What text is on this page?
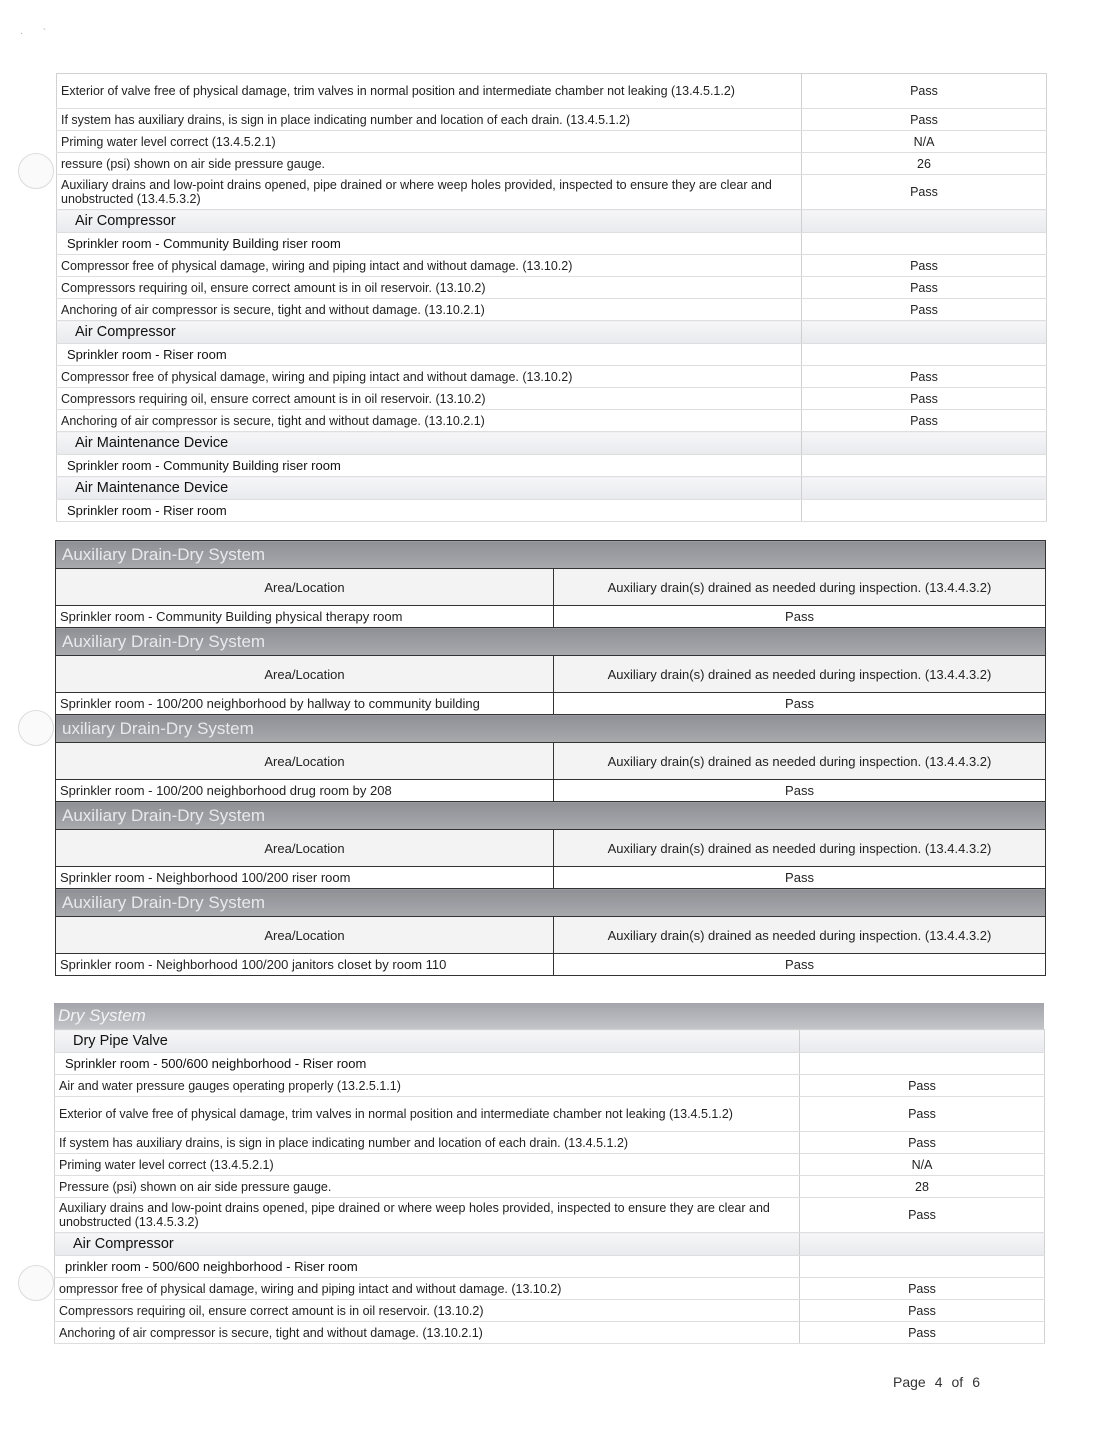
·       `
Exterior of valve free of physical damage, trim valves in normal position and intermediate chamber not leaking (13.4.5.1.2)	Pass
If system has auxiliary drains, is sign in place indicating number and location of each drain. (13.4.5.1.2)	Pass
Priming water level correct (13.4.5.2.1)	N/A
ressure (psi) shown on air side pressure gauge.	26
Auxiliary drains and low-point drains opened, pipe drained or where weep holes provided, inspected to ensure they are clear and unobstructed (13.4.5.3.2)	Pass
Air Compressor	
Sprinkler room - Community Building riser room	
Compressor free of physical damage, wiring and piping intact and without damage. (13.10.2)	Pass
Compressors requiring oil, ensure correct amount is in oil reservoir. (13.10.2)	Pass
Anchoring of air compressor is secure, tight and without damage. (13.10.2.1)	Pass
Air Compressor	
Sprinkler room - Riser room	
Compressor free of physical damage, wiring and piping intact and without damage. (13.10.2)	Pass
Compressors requiring oil, ensure correct amount is in oil reservoir. (13.10.2)	Pass
Anchoring of air compressor is secure, tight and without damage. (13.10.2.1)	Pass
Air Maintenance Device	
Sprinkler room - Community Building riser room	
Air Maintenance Device	
Sprinkler room - Riser room	
Auxiliary Drain-Dry System	
Area/Location	Auxiliary drain(s) drained as needed during inspection. (13.4.4.3.2)
Sprinkler room - Community Building physical therapy room	Pass
Auxiliary Drain-Dry System	
Area/Location	Auxiliary drain(s) drained as needed during inspection. (13.4.4.3.2)
Sprinkler room - 100/200 neighborhood by hallway to community building	Pass
uxiliary Drain-Dry System	
Area/Location	Auxiliary drain(s) drained as needed during inspection. (13.4.4.3.2)
Sprinkler room - 100/200 neighborhood drug room by 208	Pass
Auxiliary Drain-Dry System	
Area/Location	Auxiliary drain(s) drained as needed during inspection. (13.4.4.3.2)
Sprinkler room - Neighborhood 100/200 riser room	Pass
Auxiliary Drain-Dry System	
Area/Location	Auxiliary drain(s) drained as needed during inspection. (13.4.4.3.2)
Sprinkler room - Neighborhood 100/200 janitors closet by room 110	Pass
Dry System
Dry Pipe Valve	
Sprinkler room - 500/600 neighborhood - Riser room	
Air and water pressure gauges operating properly (13.2.5.1.1)	Pass
Exterior of valve free of physical damage, trim valves in normal position and intermediate chamber not leaking (13.4.5.1.2)	Pass
If system has auxiliary drains, is sign in place indicating number and location of each drain. (13.4.5.1.2)	Pass
Priming water level correct (13.4.5.2.1)	N/A
Pressure (psi) shown on air side pressure gauge.	28
Auxiliary drains and low-point drains opened, pipe drained or where weep holes provided, inspected to ensure they are clear and unobstructed (13.4.5.3.2)	Pass
Air Compressor	
prinkler room - 500/600 neighborhood - Riser room	
ompressor free of physical damage, wiring and piping intact and without damage. (13.10.2)	Pass
Compressors requiring oil, ensure correct amount is in oil reservoir. (13.10.2)	Pass
Anchoring of air compressor is secure, tight and without damage. (13.10.2.1)	Pass
Page 4 of 6
